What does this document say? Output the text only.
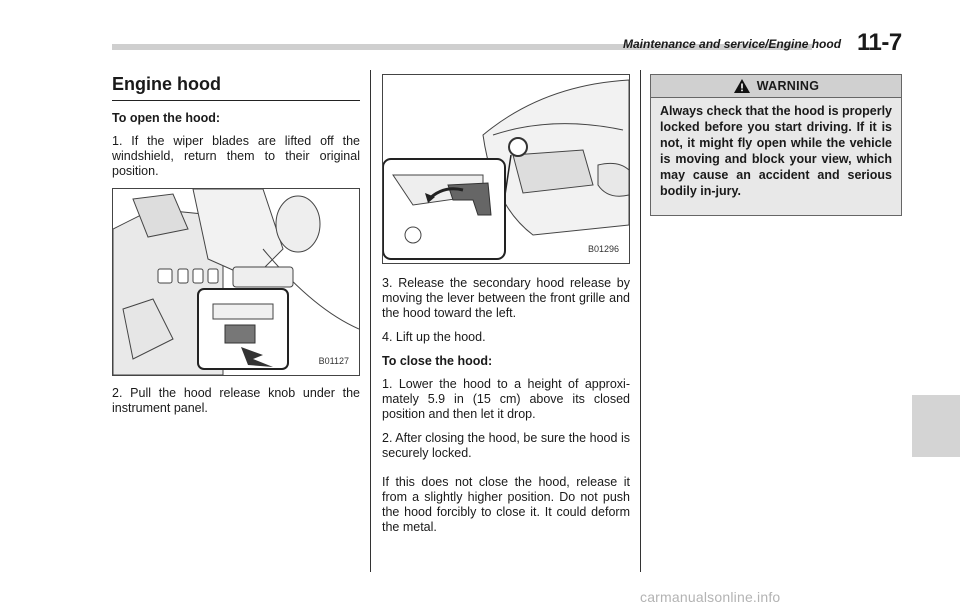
Maintenance and service/Engine hood 11-7
Engine hood
To open the hood:

1. If the wiper blades are lifted off the windshield, return them to their original position.

B01127

2. Pull the hood release knob under the instrument panel.

B01296

3. Release the secondary hood release by moving the lever between the front grille and the hood toward the left.

4. Lift up the hood.

To close the hood:

1. Lower the hood to a height of approxi-mately 5.9 in (15 cm) above its closed position and then let it drop.

2. After closing the hood, be sure the hood is securely locked.

If this does not close the hood, release it from a slightly higher position. Do not push the hood forcibly to close it. It could deform the metal.

WARNING
Always check that the hood is properly locked before you start driving. If it is not, it might fly open while the vehicle is moving and block your view, which may cause an accident and serious bodily in-jury.
carmanualsonline.info
